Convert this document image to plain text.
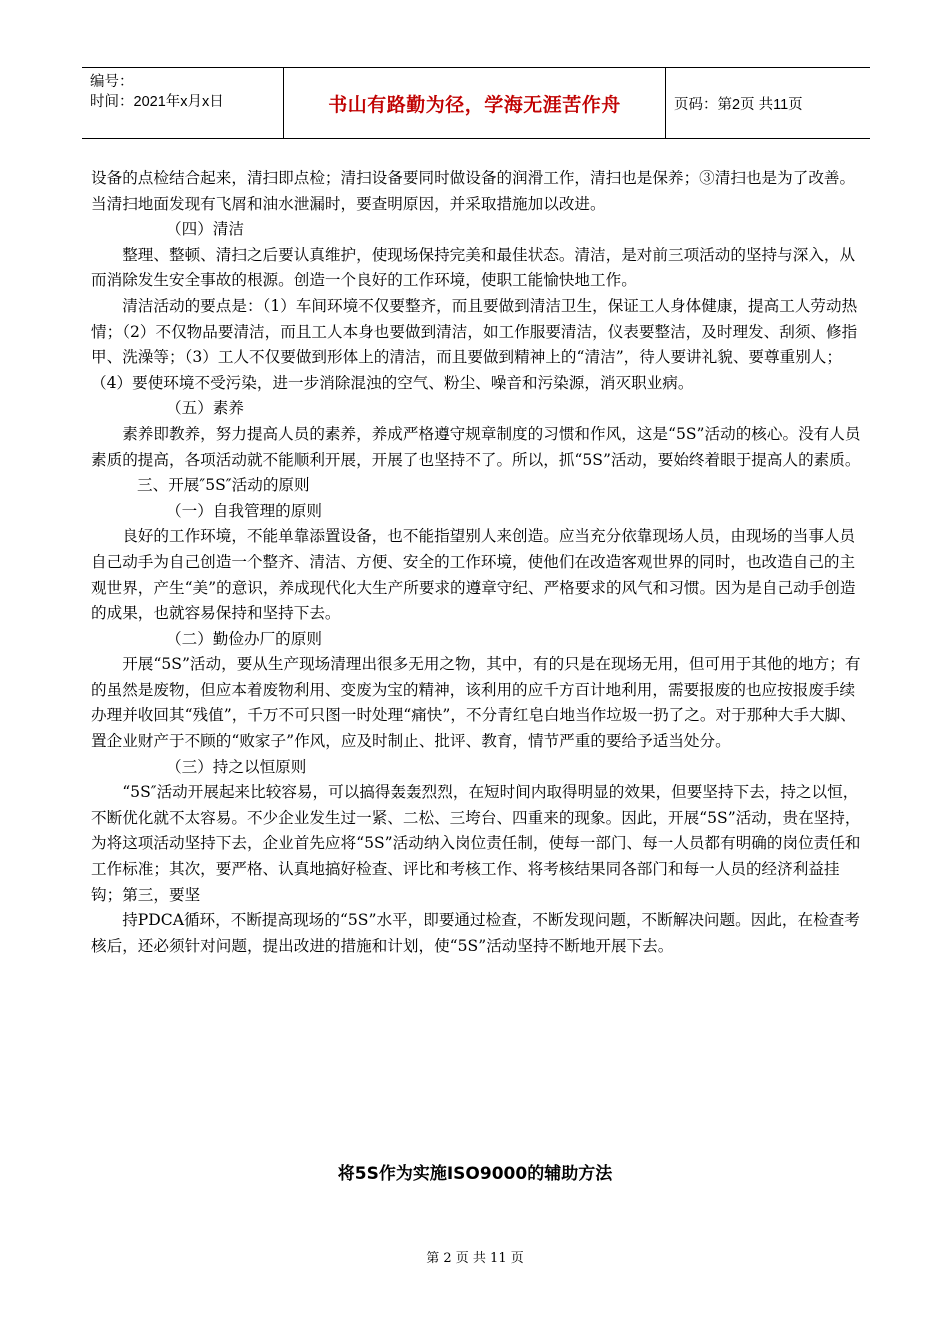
编号：
时间：2021年x月x日	书山有路勤为径，学海无涯苦作舟	页码：第2页 共11页

设备的点检结合起来，清扫即点检；清扫设备要同时做设备的润滑工作，清扫也是保养；③清扫也是为了改善。当清扫地面发现有飞屑和油水泄漏时，要查明原因，并采取措施加以改进。

（四）清洁

整理、整顿、清扫之后要认真维护，使现场保持完美和最佳状态。清洁，是对前三项活动的坚持与深入，从而消除发生安全事故的根源。创造一个良好的工作环境，使职工能愉快地工作。

清洁活动的要点是：（1）车间环境不仅要整齐，而且要做到清洁卫生，保证工人身体健康，提高工人劳动热情；（2）不仅物品要清洁，而且工人本身也要做到清洁，如工作服要清洁，仪表要整洁，及时理发、刮须、修指甲、洗澡等；（3）工人不仅要做到形体上的清洁，而且要做到精神上的“清洁”，待人要讲礼貌、要尊重别人；（4）要使环境不受污染，进一步消除混浊的空气、粉尘、噪音和污染源，消灭职业病。

（五）素养

素养即教养，努力提高人员的素养，养成严格遵守规章制度的习惯和作风，这是“5S”活动的核心。没有人员素质的提高，各项活动就不能顺利开展，开展了也坚持不了。所以，抓“5S”活动，要始终着眼于提高人的素质。

三、开展″5S″活动的原则

（一）自我管理的原则

良好的工作环境，不能单靠添置设备，也不能指望别人来创造。应当充分依靠现场人员，由现场的当事人员自己动手为自己创造一个整齐、清洁、方便、安全的工作环境，使他们在改造客观世界的同时，也改造自己的主观世界，产生“美”的意识，养成现代化大生产所要求的遵章守纪、严格要求的风气和习惯。因为是自己动手创造的成果，也就容易保持和坚持下去。

（二）勤俭办厂的原则

开展“5S”活动，要从生产现场清理出很多无用之物，其中，有的只是在现场无用，但可用于其他的地方；有的虽然是废物，但应本着废物利用、变废为宝的精神，该利用的应千方百计地利用，需要报废的也应按报废手续办理并收回其“残值”，千万不可只图一时处理“痛快”，不分青红皂白地当作垃圾一扔了之。对于那种大手大脚、置企业财产于不顾的“败家子”作风，应及时制止、批评、教育，情节严重的要给予适当处分。

（三）持之以恒原则

“5S″活动开展起来比较容易，可以搞得轰轰烈烈，在短时间内取得明显的效果，但要坚持下去，持之以恒，不断优化就不太容易。不少企业发生过一紧、二松、三垮台、四重来的现象。因此，开展“5S”活动，贵在坚持，为将这项活动坚持下去，企业首先应将“5S”活动纳入岗位责任制，使每一部门、每一人员都有明确的岗位责任和工作标准；其次，要严格、认真地搞好检查、评比和考核工作、将考核结果同各部门和每一人员的经济利益挂钩；第三，要坚

持PDCA循环，不断提高现场的“5S”水平，即要通过检查，不断发现问题，不断解决问题。因此，在检查考核后，还必须针对问题，提出改进的措施和计划，使“5S”活动坚持不断地开展下去。

将5S作为实施ISO9000的辅助方法
第 2 页 共 11 页
